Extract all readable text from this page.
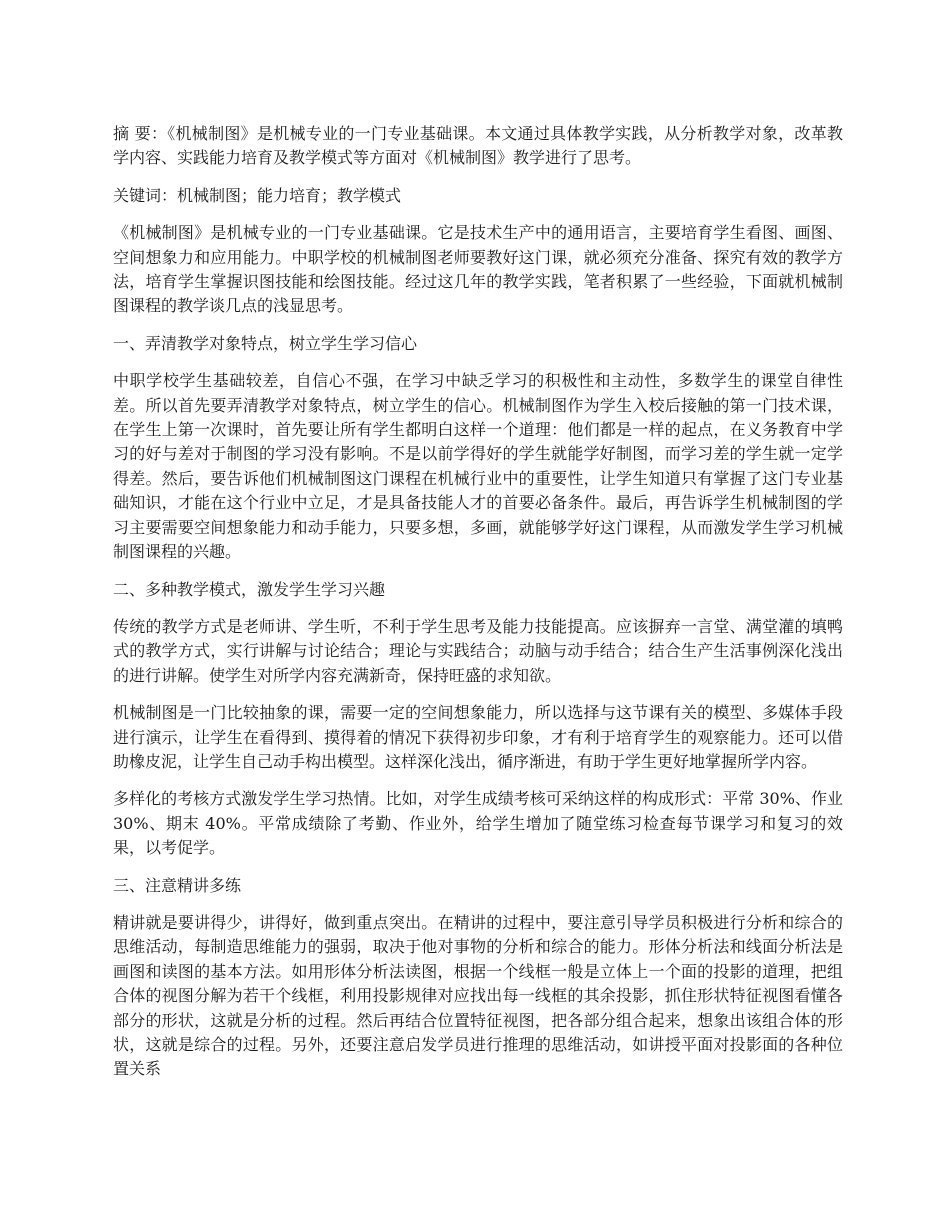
摘 要：《机械制图》是机械专业的一门专业基础课。本文通过具体教学实践，从分析教学对象，改革教学内容、实践能力培育及教学模式等方面对《机械制图》教学进行了思考。

关键词：机械制图；能力培育；教学模式

《机械制图》是机械专业的一门专业基础课。它是技术生产中的通用语言，主要培育学生看图、画图、空间想象力和应用能力。中职学校的机械制图老师要教好这门课，就必须充分准备、探究有效的教学方法，培育学生掌握识图技能和绘图技能。经过这几年的教学实践，笔者积累了一些经验，下面就机械制图课程的教学谈几点的浅显思考。

一、弄清教学对象特点，树立学生学习信心

中职学校学生基础较差，自信心不强，在学习中缺乏学习的积极性和主动性，多数学生的课堂自律性差。所以首先要弄清教学对象特点，树立学生的信心。机械制图作为学生入校后接触的第一门技术课，在学生上第一次课时，首先要让所有学生都明白这样一个道理：他们都是一样的起点，在义务教育中学习的好与差对于制图的学习没有影响。不是以前学得好的学生就能学好制图，而学习差的学生就一定学得差。然后，要告诉他们机械制图这门课程在机械行业中的重要性，让学生知道只有掌握了这门专业基础知识，才能在这个行业中立足，才是具备技能人才的首要必备条件。最后，再告诉学生机械制图的学习主要需要空间想象能力和动手能力，只要多想，多画，就能够学好这门课程，从而激发学生学习机械制图课程的兴趣。

二、多种教学模式，激发学生学习兴趣

传统的教学方式是老师讲、学生听，不利于学生思考及能力技能提高。应该摒弃一言堂、满堂灌的填鸭式的教学方式，实行讲解与讨论结合；理论与实践结合；动脑与动手结合；结合生产生活事例深化浅出的进行讲解。使学生对所学内容充满新奇，保持旺盛的求知欲。

机械制图是一门比较抽象的课，需要一定的空间想象能力，所以选择与这节课有关的模型、多媒体手段进行演示，让学生在看得到、摸得着的情况下获得初步印象，才有利于培育学生的观察能力。还可以借助橡皮泥，让学生自己动手构出模型。这样深化浅出，循序渐进，有助于学生更好地掌握所学内容。

多样化的考核方式激发学生学习热情。比如，对学生成绩考核可采纳这样的构成形式：平常 30%、作业 30%、期末 40%。平常成绩除了考勤、作业外，给学生增加了随堂练习检查每节课学习和复习的效果，以考促学。

三、注意精讲多练

精讲就是要讲得少，讲得好，做到重点突出。在精讲的过程中，要注意引导学员积极进行分析和综合的思维活动，每制造思维能力的强弱，取决于他对事物的分析和综合的能力。形体分析法和线面分析法是画图和读图的基本方法。如用形体分析法读图，根据一个线框一般是立体上一个面的投影的道理，把组合体的视图分解为若干个线框，利用投影规律对应找出每一线框的其余投影，抓住形状特征视图看懂各部分的形状，这就是分析的过程。然后再结合位置特征视图，把各部分组合起来，想象出该组合体的形状，这就是综合的过程。另外，还要注意启发学员进行推理的思维活动，如讲授平面对投影面的各种位置关系
